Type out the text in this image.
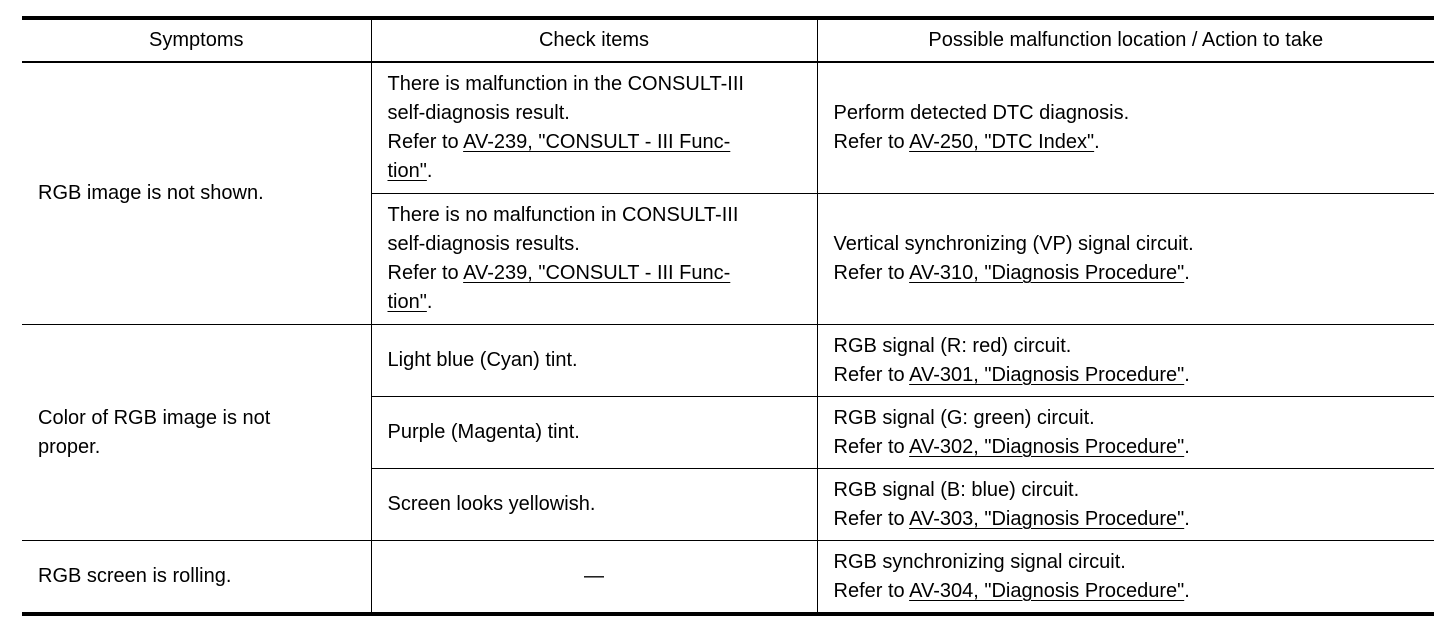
Symptoms	Check items	Possible malfunction location / Action to take
RGB image is not shown.	There is malfunction in the CONSULT-III
self-diagnosis result.
Refer to AV-239, "CONSULT - III Func-
tion".	Perform detected DTC diagnosis.
Refer to AV-250, "DTC Index".

	There is no malfunction in CONSULT-III
self-diagnosis results.
Refer to AV-239, "CONSULT - III Func-
tion".	Vertical synchronizing (VP) signal circuit.
Refer to AV-310, "Diagnosis Procedure".

Color of RGB image is not
proper.	Light blue (Cyan) tint.	RGB signal (R: red) circuit.
Refer to AV-301, "Diagnosis Procedure".

	Purple (Magenta) tint.	RGB signal (G: green) circuit.
Refer to AV-302, "Diagnosis Procedure".

	Screen looks yellowish.	RGB signal (B: blue) circuit.
Refer to AV-303, "Diagnosis Procedure".

RGB screen is rolling.	—	RGB synchronizing signal circuit.
Refer to AV-304, "Diagnosis Procedure".
